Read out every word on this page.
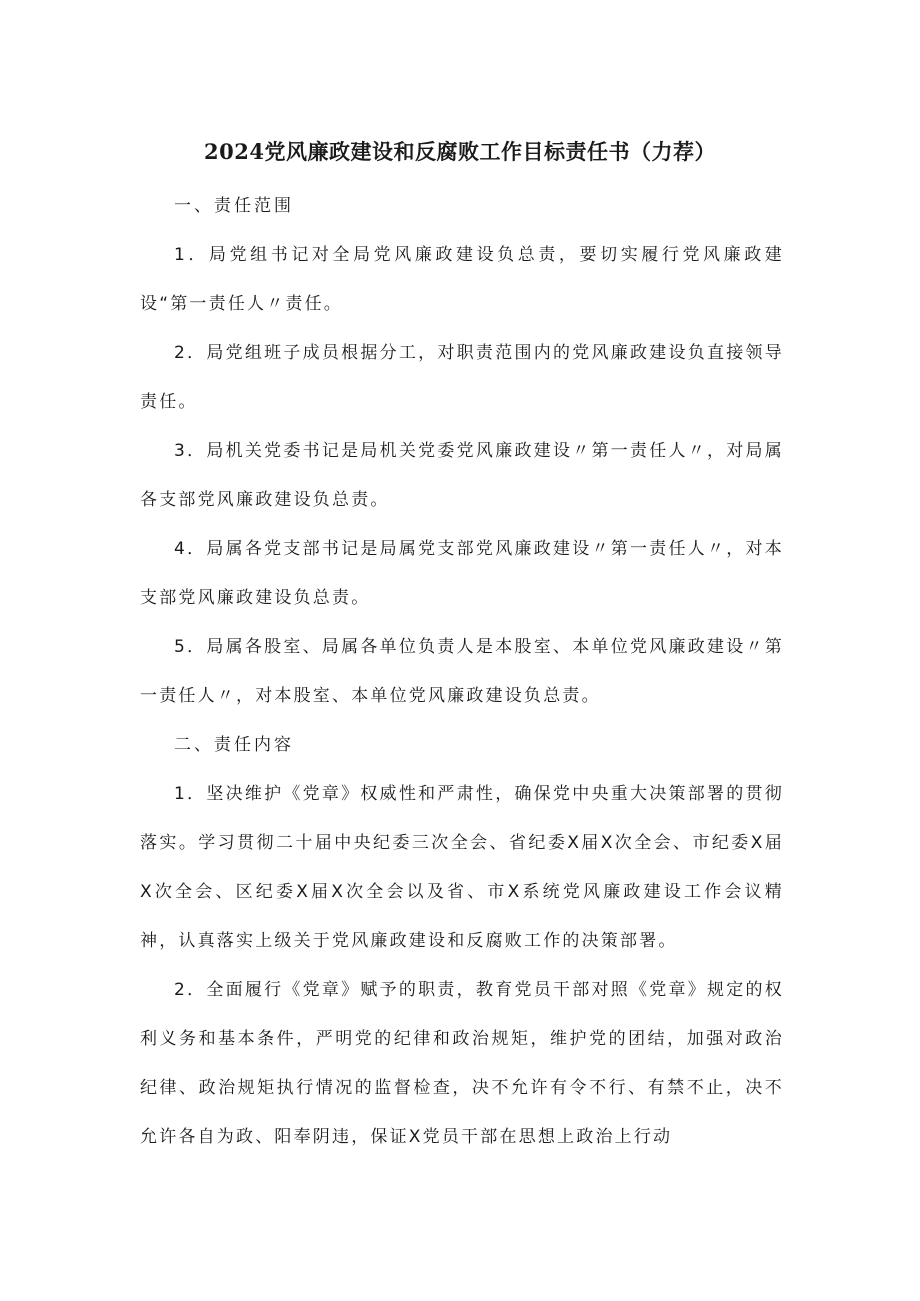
2024党风廉政建设和反腐败工作目标责任书（力荐）

一、责任范围

1．局党组书记对全局党风廉政建设负总责，要切实履行党风廉政建设“第一责任人〃责任。

2．局党组班子成员根据分工，对职责范围内的党风廉政建设负直接领导责任。

3．局机关党委书记是局机关党委党风廉政建设〃第一责任人〃，对局属各支部党风廉政建设负总责。

4．局属各党支部书记是局属党支部党风廉政建设〃第一责任人〃，对本支部党风廉政建设负总责。

5．局属各股室、局属各单位负责人是本股室、本单位党风廉政建设〃第一责任人〃，对本股室、本单位党风廉政建设负总责。

二、责任内容

1．坚决维护《党章》权威性和严肃性，确保党中央重大决策部署的贯彻落实。学习贯彻二十届中央纪委三次全会、省纪委X届X次全会、市纪委X届X次全会、区纪委X届X次全会以及省、市X系统党风廉政建设工作会议精神，认真落实上级关于党风廉政建设和反腐败工作的决策部署。

2．全面履行《党章》赋予的职责，教育党员干部对照《党章》规定的权利义务和基本条件，严明党的纪律和政治规矩，维护党的团结，加强对政治纪律、政治规矩执行情况的监督检查，决不允许有令不行、有禁不止，决不允许各自为政、阳奉阴违，保证X党员干部在思想上政治上行动
